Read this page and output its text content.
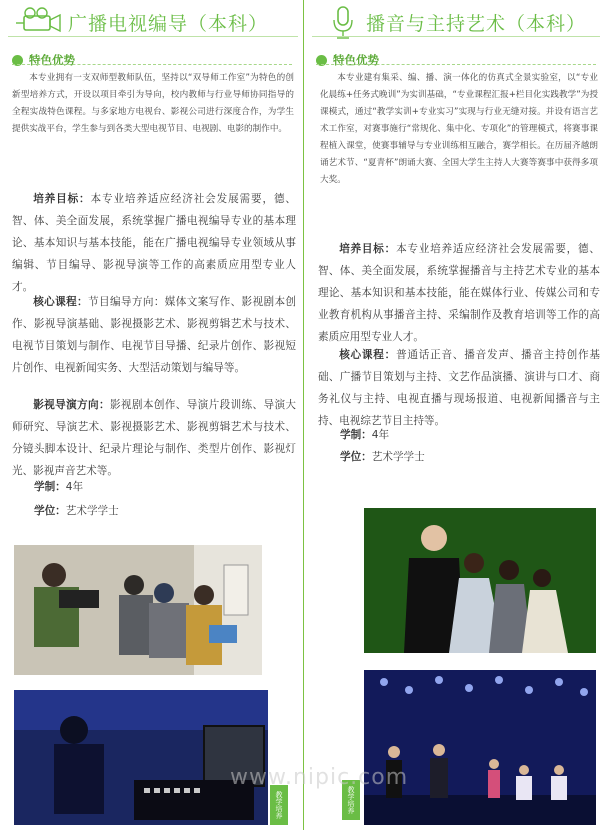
广播电视编导（本科）
特色优势
本专业拥有一支双师型教师队伍，坚持以“双导师工作室”为特色的创新型培养方式，开设以项目牵引为导向，校内教师与行业导师协同指导的全程实战特色课程。与多家地方电视台、影视公司进行深度合作，为学生提供实战平台，学生参与到各类大型电视节目、电视剧、电影的制作中。
培养目标：本专业培养适应经济社会发展需要，德、智、体、美全面发展，系统掌握广播电视编导专业的基本理论、基本知识与基本技能，能在广播电视编导专业领域从事编辑、节目编导、影视导演等工作的高素质应用型专业人才。
核心课程：节目编导方向：媒体文案写作、影视剧本创作、影视导演基础、影视摄影艺术、影视剪辑艺术与技术、电视节目策划与制作、电视节目导播、纪录片创作、影视短片创作、电视新闻实务、大型活动策划与编导等。
影视导演方向：影视剧本创作、导演片段训练、导演大师研究、导演艺术、影视摄影艺术、影视剪辑艺术与技术、分镜头脚本设计、纪录片理论与制作、类型片创作、影视灯光、影视声音艺术等。
学制：4年
学位：艺术学学士
教学培养
播音与主持艺术（本科）
特色优势
本专业建有集采、编、播、演一体化的仿真式全景实验室，以“专业化晨练+任务式晚训”为实训基础，“专业课程汇报+栏目化实践教学”为授课模式，通过“教学实训+专业实习”实现与行业无缝对接。并设有语言艺术工作室，对赛事施行“常规化、集中化、专项化”的管理模式，将赛事课程植入课堂，使赛事辅导与专业训练相互融合，赛学相长。在历届齐越朗诵艺术节、“夏青杯”朗诵大赛、全国大学生主持人大赛等赛事中获得多项大奖。
培养目标：本专业培养适应经济社会发展需要，德、智、体、美全面发展，系统掌握播音与主持艺术专业的基本理论、基本知识和基本技能，能在媒体行业、传媒公司和专业教育机构从事播音主持、采编制作及教育培训等工作的高素质应用型专业人才。
核心课程：普通话正音、播音发声、播音主持创作基础、广播节目策划与主持、文艺作品演播、演讲与口才、商务礼仪与主持、电视直播与现场报道、电视新闻播音与主持、电视综艺节目主持等。
学制：4年
学位：艺术学学士
教学培养
www.nipic.com
